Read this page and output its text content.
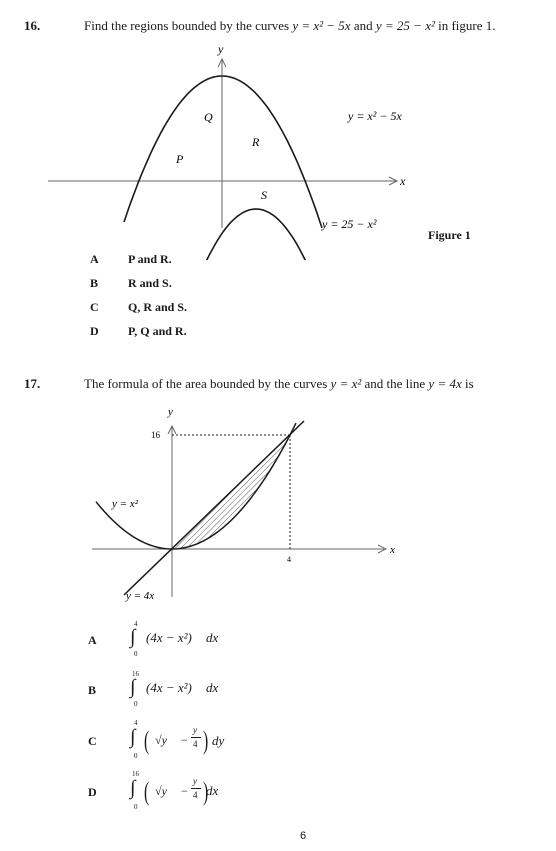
16.	Find the regions bounded by the curves y = x² − 5x and y = 25 − x² in figure 1.
y
x
y = x² − 5x
y = 25 − x²
P
Q
R
S
Figure 1
A P and R.
B R and S.
C Q, R and S.
D P, Q and R.
17.	The formula of the area bounded by the curves y = x² and the line y = 4x is
y
x
16
4
y = x²
y = 4x
A
4
∫
0
(4x − x²) dx
B
16
∫
0
(4x − x²) dx
C
4
∫
0
( √y −
y
4 ) dy
D
16
∫
0
( √y −
y
4 )
dx
6
